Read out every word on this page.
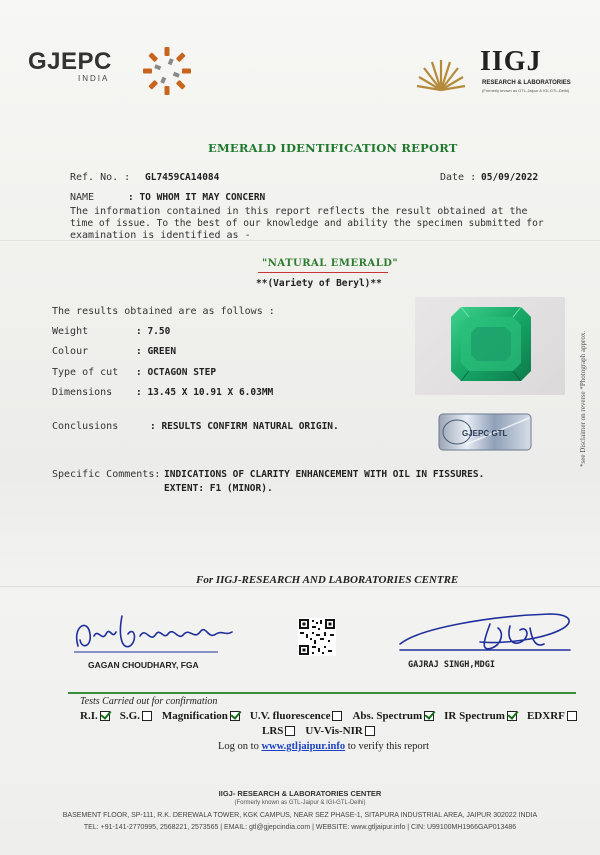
GJEPC
INDIA
IIGJ
RESEARCH & LABORATORIES
(Formerly known as GTL-Jaipur & IGI-GTL-Delhi)
EMERALD IDENTIFICATION REPORT
Ref. No. : GL7459CA14084	Date : 05/09/2022
NAME	: TO WHOM IT MAY CONCERN
The information contained in this report reflects the result obtained at the
time of issue. To the best of our knowledge and ability the specimen submitted for
examination is identified as -
"NATURAL EMERALD"
**(Variety of Beryl)**
The results obtained are as follows :
Weight	: 7.50
Colour	: GREEN
Type of cut : OCTAGON STEP
Dimensions	: 13.45 X 10.91 X 6.03MM
Conclusions	: RESULTS CONFIRM NATURAL ORIGIN.
Specific Comments: INDICATIONS OF CLARITY ENHANCEMENT WITH OIL IN FISSURES.
EXTENT: F1 (MINOR).
GJEPC GTL	*see Disclaimer on reverse *Photograph approx.
For IIGJ-RESEARCH AND LABORATORIES CENTRE
GAGAN CHOUDHARY, FGA	GAJRAJ SINGH,MDGI
Tests Carried out for confirmation
R.I. S.G. Magnification U.V. fluorescence Abs. Spectrum IR Spectrum EDXRF
LRS UV-Vis-NIR
Log on to www.gtljaipur.info to verify this report
IIGJ- RESEARCH & LABORATORIES CENTER
(Formerly known as GTL-Jaipur & IGI-GTL-Delhi)
BASEMENT FLOOR, SP-111, R.K. DEREWALA TOWER, KGK CAMPUS, NEAR SEZ PHASE-1, SITAPURA INDUSTRIAL AREA, JAIPUR 302022 INDIA
TEL: +91-141-2770995, 2568221, 2573565 | EMAIL: gtl@gjepcindia.com | WEBSITE: www.gtljaipur.info | CIN: U99100MH1966GAP013486
